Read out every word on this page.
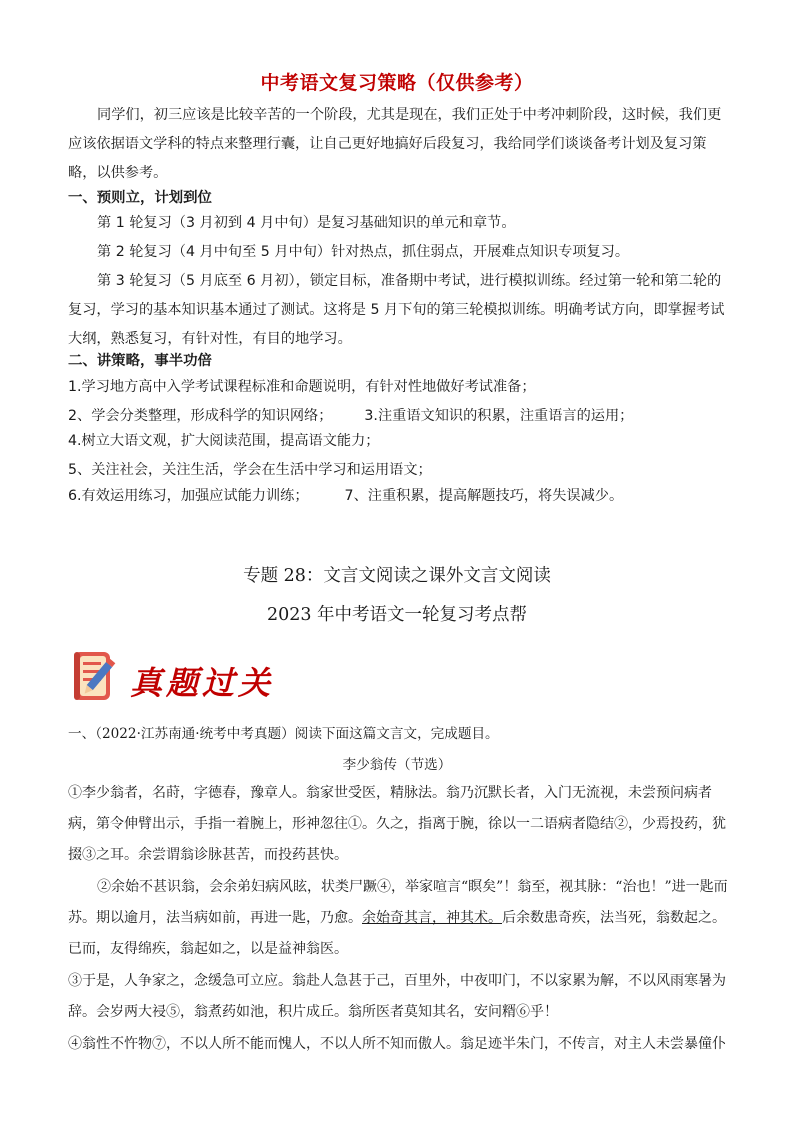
中考语文复习策略（仅供参考）
同学们，初三应该是比较辛苦的一个阶段，尤其是现在，我们正处于中考冲刺阶段，这时候，我们更应该依据语文学科的特点来整理行囊，让自己更好地搞好后段复习，我给同学们谈谈备考计划及复习策略，以供参考。
一、预则立，计划到位
第 1 轮复习（3 月初到 4 月中旬）是复习基础知识的单元和章节。
第 2 轮复习（4 月中旬至 5 月中旬）针对热点，抓住弱点，开展难点知识专项复习。
第 3 轮复习（5 月底至 6 月初），锁定目标，准备期中考试，进行模拟训练。经过第一轮和第二轮的复习，学习的基本知识基本通过了测试。这将是 5 月下旬的第三轮模拟训练。明确考试方向，即掌握考试大纲，熟悉复习，有针对性，有目的地学习。
二、讲策略，事半功倍
1.学习地方高中入学考试课程标准和命题说明，有针对性地做好考试准备；
2、学会分类整理，形成科学的知识网络； 3.注重语文知识的积累，注重语言的运用；
4.树立大语文观，扩大阅读范围，提高语文能力；
5、关注社会，关注生活，学会在生活中学习和运用语文；
6.有效运用练习，加强应试能力训练；	7、注重积累，提高解题技巧，将失误减少。
专题 28：文言文阅读之课外文言文阅读
2023 年中考语文一轮复习考点帮
真题过关
一、（2022·江苏南通·统考中考真题）阅读下面这篇文言文，完成题目。
李少翁传（节选）
①李少翁者，名莳，字德春，豫章人。翁家世受医，精脉法。翁乃沉默长者，入门无流视，未尝预问病者病，第令伸臂出示，手指一着腕上，形神忽往①。久之，指离于腕，徐以一二语病者隐结②，少焉投药，犹掇③之耳。余尝谓翁诊脉甚苦，而投药甚快。
②余始不甚识翁，会余弟妇病风眩，状类尸蹶④，举家喧言“瞑矣”！翁至，视其脉：“治也！”进一匙而苏。期以逾月，法当病如前，再进一匙，乃愈。余始奇其言，神其术。后余数患奇疾，法当死，翁数起之。已而，友得绵疾，翁起如之，以是益神翁医。
③于是，人争家之，念缓急可立应。翁赴人急甚于己，百里外，中夜叩门，不以家累为解，不以风雨寒暑为辞。会岁两大祲⑤，翁煮药如池，积片成丘。翁所医者莫知其名，安问糈⑥乎！
④翁性不忤物⑦，不以人所不能而愧人，不以人所不知而傲人。翁足迹半朱门，不传言，对主人未尝暴僮仆
